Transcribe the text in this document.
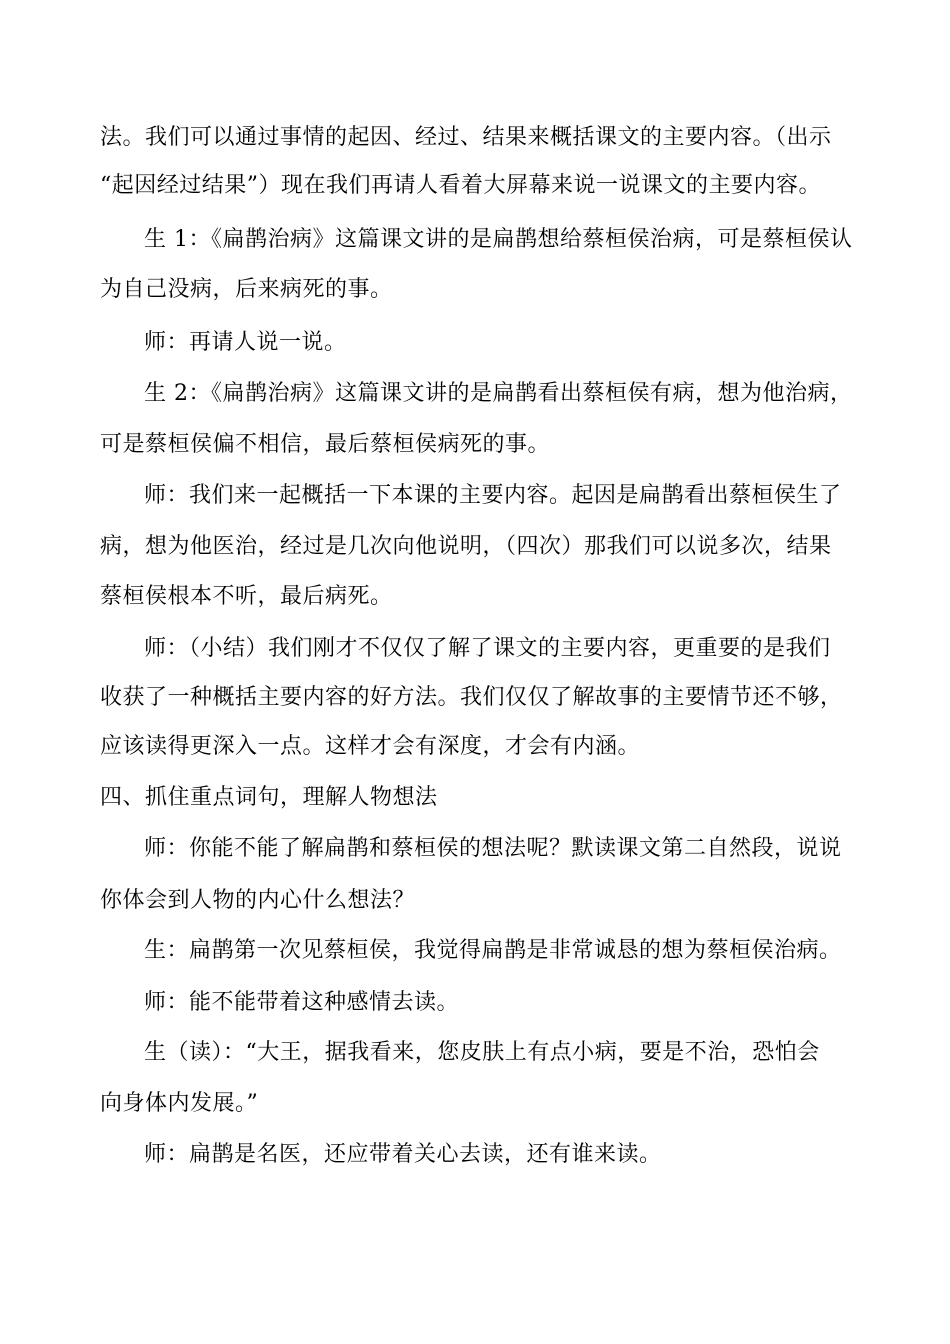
法。我们可以通过事情的起因、经过、结果来概括课文的主要内容。（出示
“起因经过结果”）现在我们再请人看着大屏幕来说一说课文的主要内容。
生 1：《扁鹊治病》这篇课文讲的是扁鹊想给蔡桓侯治病，可是蔡桓侯认
为自己没病，后来病死的事。
师：再请人说一说。
生 2：《扁鹊治病》这篇课文讲的是扁鹊看出蔡桓侯有病，想为他治病，
可是蔡桓侯偏不相信，最后蔡桓侯病死的事。
师：我们来一起概括一下本课的主要内容。起因是扁鹊看出蔡桓侯生了
病，想为他医治，经过是几次向他说明，（四次）那我们可以说多次，结果
蔡桓侯根本不听，最后病死。
师：（小结）我们刚才不仅仅了解了课文的主要内容，更重要的是我们
收获了一种概括主要内容的好方法。我们仅仅了解故事的主要情节还不够，
应该读得更深入一点。这样才会有深度，才会有内涵。
四、抓住重点词句，理解人物想法
师：你能不能了解扁鹊和蔡桓侯的想法呢？默读课文第二自然段，说说
你体会到人物的内心什么想法？
生：扁鹊第一次见蔡桓侯，我觉得扁鹊是非常诚恳的想为蔡桓侯治病。
师：能不能带着这种感情去读。
生（读）：“大王，据我看来，您皮肤上有点小病，要是不治，恐怕会
向身体内发展。”
师：扁鹊是名医，还应带着关心去读，还有谁来读。
